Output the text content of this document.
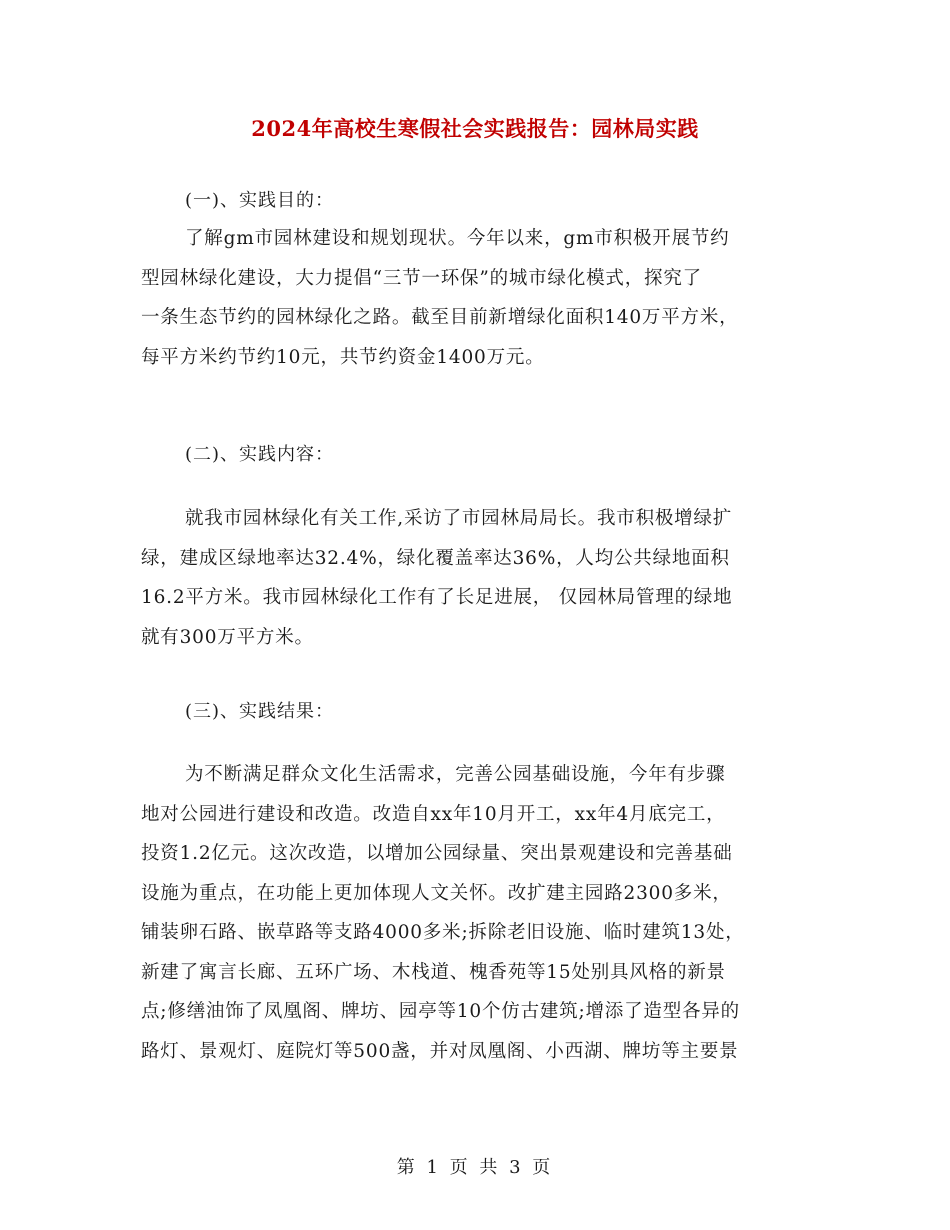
2024年高校生寒假社会实践报告：园林局实践
(一)、实践目的：
了解gm市园林建设和规划现状。今年以来，gm市积极开展节约
型园林绿化建设，大力提倡“三节一环保”的城市绿化模式，探究了
一条生态节约的园林绿化之路。截至目前新增绿化面积140万平方米，
每平方米约节约10元，共节约资金1400万元。
(二)、实践内容：
就我市园林绿化有关工作,采访了市园林局局长。我市积极增绿扩
绿，建成区绿地率达32.4%，绿化覆盖率达36%，人均公共绿地面积
16.2平方米。我市园林绿化工作有了长足进展， 仅园林局管理的绿地
就有300万平方米。
(三)、实践结果：
为不断满足群众文化生活需求，完善公园基础设施，今年有步骤
地对公园进行建设和改造。改造自xx年10月开工，xx年4月底完工，
投资1.2亿元。这次改造，以增加公园绿量、突出景观建设和完善基础
设施为重点，在功能上更加体现人文关怀。改扩建主园路2300多米，
铺装卵石路、嵌草路等支路4000多米;拆除老旧设施、临时建筑13处，
新建了寓言长廊、五环广场、木栈道、槐香苑等15处别具风格的新景
点;修缮油饰了凤凰阁、牌坊、园亭等10个仿古建筑;增添了造型各异的
路灯、景观灯、庭院灯等500盏，并对凤凰阁、小西湖、牌坊等主要景
第 1 页 共 3 页
